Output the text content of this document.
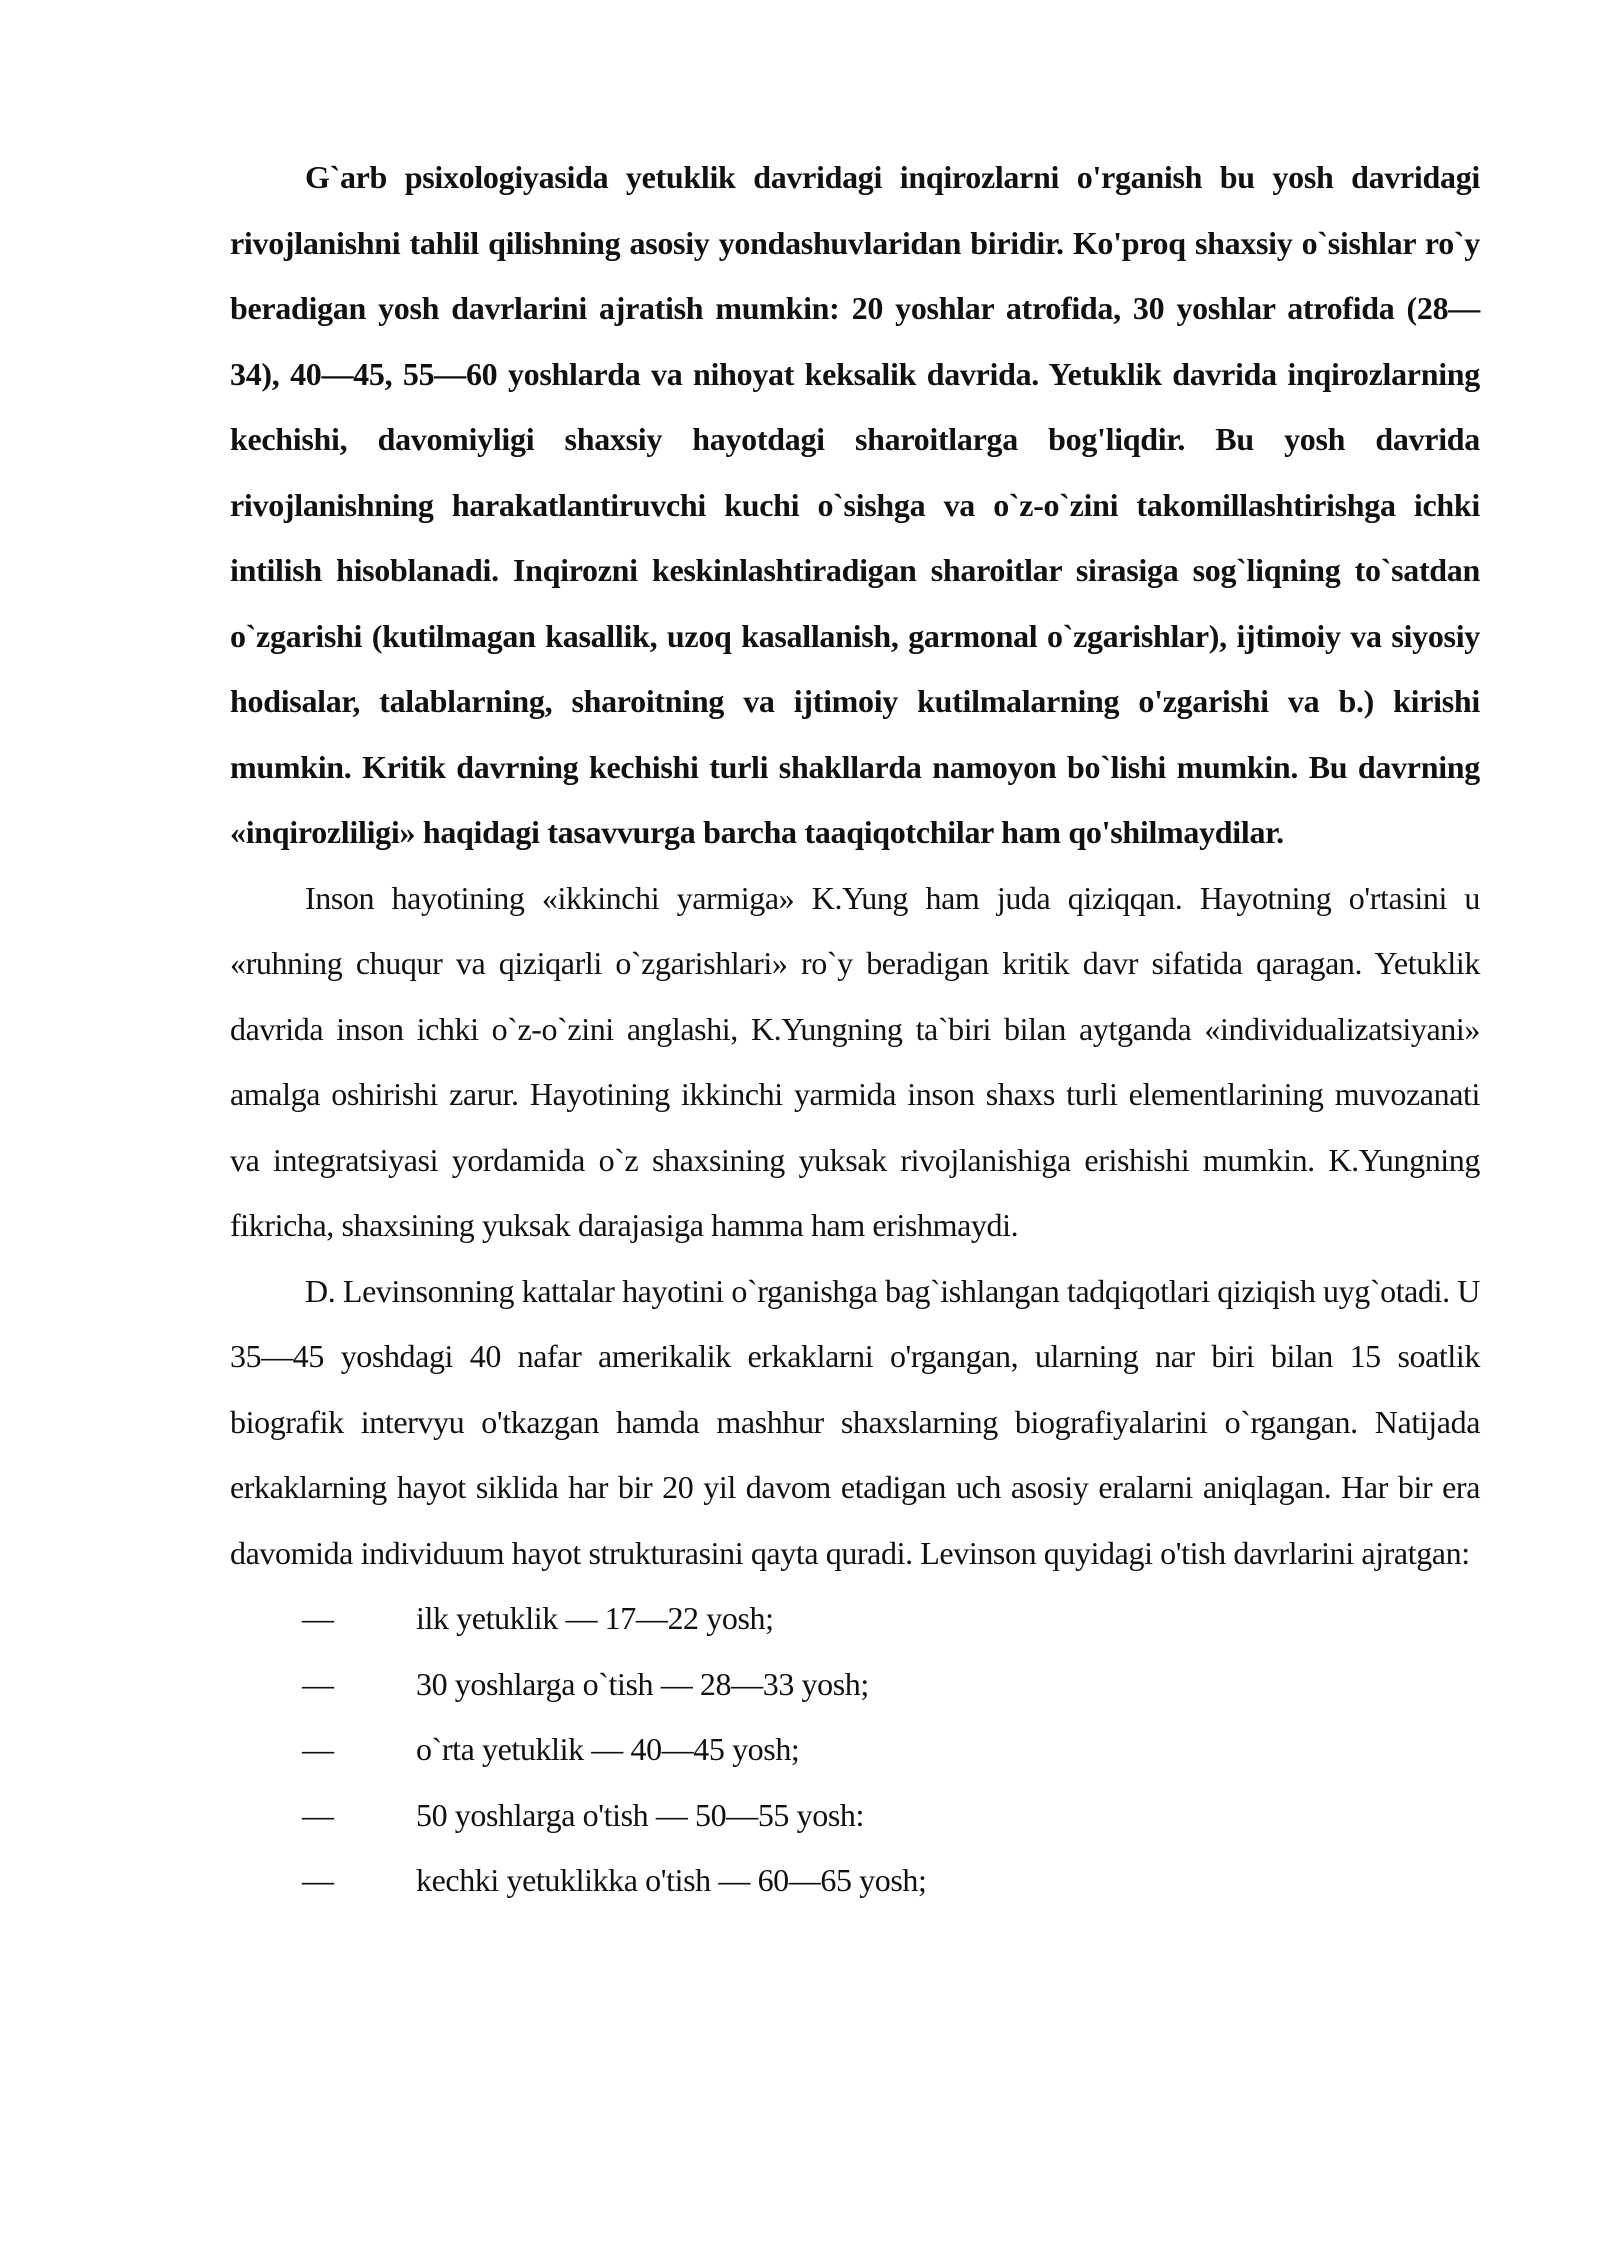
G`arb psixologiyasida yetuklik davridagi inqirozlarni o'rganish bu yosh davridagi rivojlanishni tahlil qilishning asosiy yondashuvlaridan biridir. Ko'proq shaxsiy o`sishlar ro`y beradigan yosh davrlarini ajratish mumkin: 20 yoshlar atrofida, 30 yoshlar atrofida (28—34), 40—45, 55—60 yoshlarda va nihoyat keksalik davrida. Yetuklik davrida inqirozlarning kechishi, davomiyligi shaxsiy hayotdagi sharoitlarga bog'liqdir. Bu yosh davrida rivojlanishning harakatlantiruvchi kuchi o`sishga va o`z-o`zini takomillashtirishga ichki intilish hisoblanadi. Inqirozni keskinlashtiradigan sharoitlar sirasiga sog`liqning to`satdan o`zgarishi (kutilmagan kasallik, uzoq kasallanish, garmonal o`zgarishlar), ijtimoiy va siyosiy hodisalar, talablarning, sharoitning va ijtimoiy kutilmalarning o'zgarishi va b.) kirishi mumkin. Kritik davrning kechishi turli shakllarda namoyon bo`lishi mumkin. Bu davrning «inqirozliligi» haqidagi tasavvurga barcha taaqiqotchilar ham qo'shilmaydilar.

Inson hayotining «ikkinchi yarmiga» K.Yung ham juda qiziqqan. Hayotning o'rtasini u «ruhning chuqur va qiziqarli o`zgarishlari» ro`y beradigan kritik davr sifatida qaragan. Yetuklik davrida inson ichki o`z-o`zini anglashi, K.Yungning ta`biri bilan aytganda «individualizatsiyani» amalga oshirishi zarur. Hayotining ikkinchi yarmida inson shaxs turli elementlarining muvozanati va integratsiyasi yordamida o`z shaxsining yuksak rivojlanishiga erishishi mumkin. K.Yungning fikricha, shaxsining yuksak darajasiga hamma ham erishmaydi.

D. Levinsonning kattalar hayotini o`rganishga bag`ishlangan tadqiqotlari qiziqish uyg`otadi. U 35—45 yoshdagi 40 nafar amerikalik erkaklarni o'rgangan, ularning nar biri bilan 15 soatlik biografik intervyu o'tkazgan hamda mashhur shaxslarning biografiyalarini o`rgangan. Natijada erkaklarning hayot siklida har bir 20 yil davom etadigan uch asosiy eralarni aniqlagan. Har bir era davomida individuum hayot strukturasini qayta quradi. Levinson quyidagi o'tish davrlarini ajratgan:

—	ilk yetuklik — 17—22 yosh;
—	30 yoshlarga o`tish — 28—33 yosh;
—	o`rta yetuklik — 40—45 yosh;
—	50 yoshlarga o'tish — 50—55 yosh:
—	kechki yetuklikka o'tish — 60—65 yosh;
